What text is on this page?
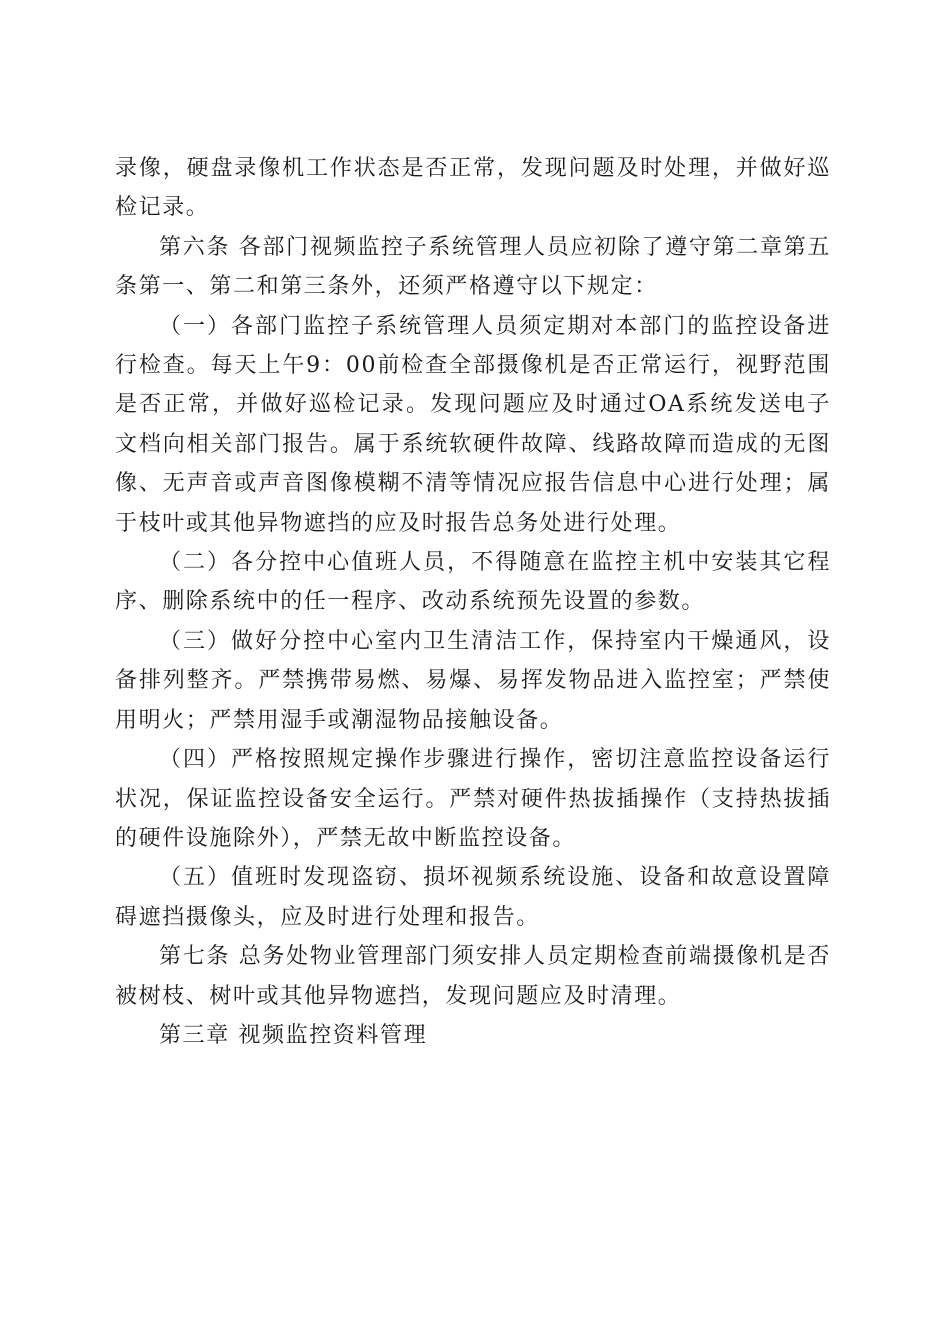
录像，硬盘录像机工作状态是否正常，发现问题及时处理，并做好巡检记录。

第六条 各部门视频监控子系统管理人员应初除了遵守第二章第五条第一、第二和第三条外，还须严格遵守以下规定：

（一）各部门监控子系统管理人员须定期对本部门的监控设备进行检查。每天上午9：00前检查全部摄像机是否正常运行，视野范围是否正常，并做好巡检记录。发现问题应及时通过OA系统发送电子文档向相关部门报告。属于系统软硬件故障、线路故障而造成的无图像、无声音或声音图像模糊不清等情况应报告信息中心进行处理；属于枝叶或其他异物遮挡的应及时报告总务处进行处理。

（二）各分控中心值班人员，不得随意在监控主机中安装其它程序、删除系统中的任一程序、改动系统预先设置的参数。

（三）做好分控中心室内卫生清洁工作，保持室内干燥通风，设备排列整齐。严禁携带易燃、易爆、易挥发物品进入监控室；严禁使用明火；严禁用湿手或潮湿物品接触设备。

（四）严格按照规定操作步骤进行操作，密切注意监控设备运行状况，保证监控设备安全运行。严禁对硬件热拔插操作（支持热拔插的硬件设施除外），严禁无故中断监控设备。

（五）值班时发现盗窃、损坏视频系统设施、设备和故意设置障碍遮挡摄像头，应及时进行处理和报告。

第七条 总务处物业管理部门须安排人员定期检查前端摄像机是否被树枝、树叶或其他异物遮挡，发现问题应及时清理。

第三章 视频监控资料管理
